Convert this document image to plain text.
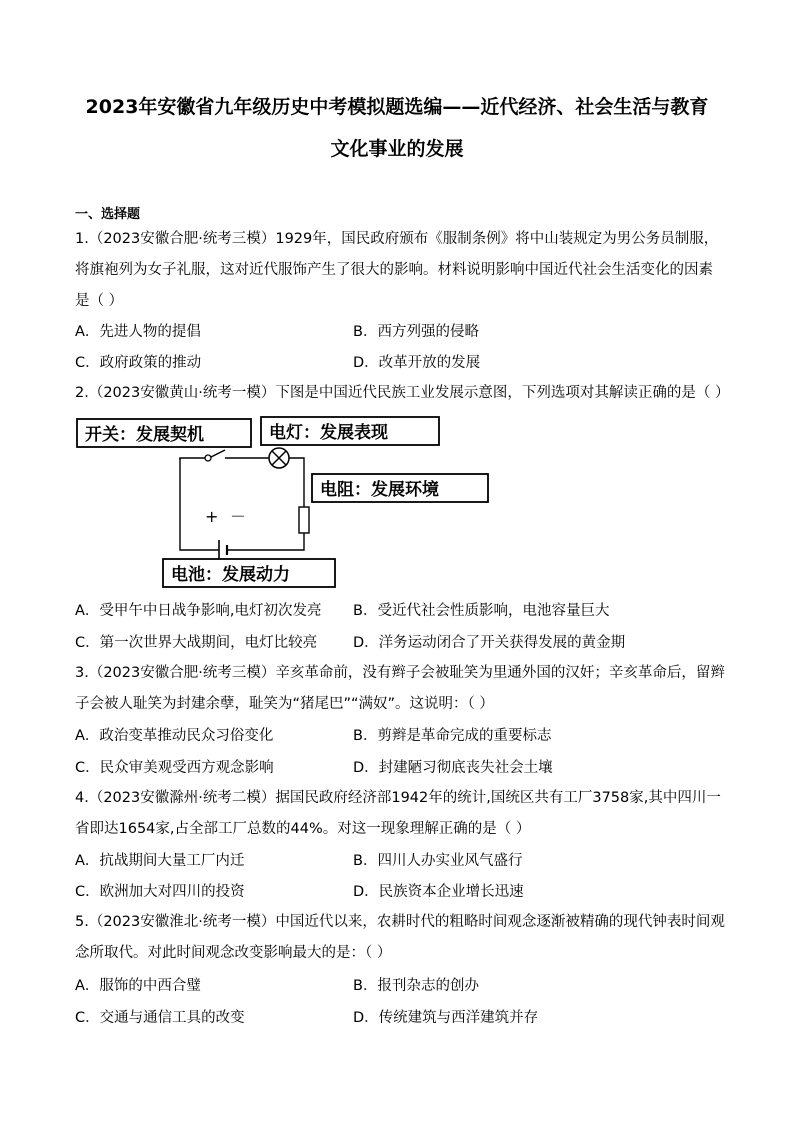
2023年安徽省九年级历史中考模拟题选编——近代经济、社会生活与教育
文化事业的发展
一、选择题
1.（2023安徽合肥·统考三模）1929年，国民政府颁布《服制条例》将中山装规定为男公务员制服，将旗袍列为女子礼服，这对近代服饰产生了很大的影响。材料说明影响中国近代社会生活变化的因素是（ ）
A．先进人物的提倡	B．西方列强的侵略
C．政府政策的推动	D．改革开放的发展
2.（2023安徽黄山·统考一模）下图是中国近代民族工业发展示意图，下列选项对其解读正确的是（ ）
+ －
开关：发展契机	电灯：发展表现
电阻：发展环境
电池：发展动力
A．受甲午中日战争影响,电灯初次发亮 B．受近代社会性质影响，电池容量巨大
C．第一次世界大战期间，电灯比较亮 D．洋务运动闭合了开关获得发展的黄金期
3.（2023安徽合肥·统考三模）辛亥革命前，没有辫子会被耻笑为里通外国的汉奸；辛亥革命后，留辫子会被人耻笑为封建余孽，耻笑为“猪尾巴”“满奴”。这说明：（ ）
A．政治变革推动民众习俗变化	B．剪辫是革命完成的重要标志
C．民众审美观受西方观念影响	D．封建陋习彻底丧失社会土壤
4.（2023安徽滁州·统考二模）据国民政府经济部1942年的统计,国统区共有工厂3758家,其中四川一省即达1654家,占全部工厂总数的44%。对这一现象理解正确的是（ ）
A．抗战期间大量工厂内迁	B．四川人办实业风气盛行
C．欧洲加大对四川的投资	D．民族资本企业增长迅速
5.（2023安徽淮北·统考一模）中国近代以来，农耕时代的粗略时间观念逐渐被精确的现代钟表时间观念所取代。对此时间观念改变影响最大的是：（ ）
A．服饰的中西合璧	B．报刊杂志的创办
C．交通与通信工具的改变	D．传统建筑与西洋建筑并存
